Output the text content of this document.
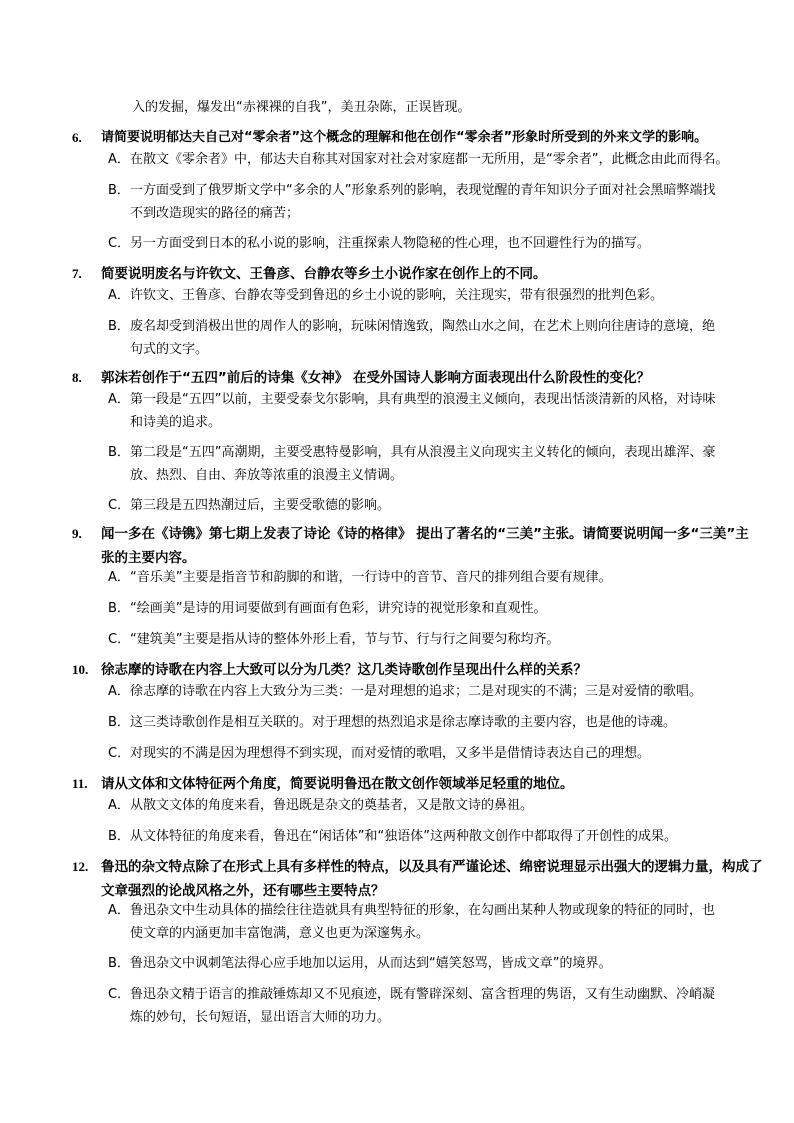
入的发掘，爆发出“赤裸裸的自我”，美丑杂陈，正误皆现。
6. 请简要说明郁达夫自己对“零余者”这个概念的理解和他在创作“零余者”形象时所受到的外来文学的影响。
A．在散文《零余者》中，郁达夫自称其对国家对社会对家庭都一无所用，是“零余者”，此概念由此而得名。
B．一方面受到了俄罗斯文学中“多余的人”形象系列的影响，表现觉醒的青年知识分子面对社会黑暗弊端找
不到改造现实的路径的痛苦；
C．另一方面受到日本的私小说的影响，注重探索人物隐秘的性心理，也不回避性行为的描写。
7. 简要说明废名与许钦文、王鲁彦、台静农等乡土小说作家在创作上的不同。
A．许钦文、王鲁彦、台静农等受到鲁迅的乡土小说的影响，关注现实，带有很强烈的批判色彩。
B．废名却受到消极出世的周作人的影响，玩味闲情逸致，陶然山水之间，在艺术上则向往唐诗的意境，绝
句式的文字。
8. 郭沫若创作于“五四”前后的诗集《女神》 在受外国诗人影响方面表现出什么阶段性的变化？
A．第一段是“五四”以前，主要受泰戈尔影响，具有典型的浪漫主义倾向，表现出恬淡清新的风格，对诗味
和诗美的追求。
B．第二段是“五四”高潮期，主要受惠特曼影响，具有从浪漫主义向现实主义转化的倾向，表现出雄浑、豪
放、热烈、自由、奔放等浓重的浪漫主义情调。
C．第三段是五四热潮过后，主要受歌德的影响。
9. 闻一多在《诗镌》第七期上发表了诗论《诗的格律》 提出了著名的“三美”主张。请简要说明闻一多“三美”主张的主要内容。
A．“音乐美”主要是指音节和韵脚的和谐，一行诗中的音节、音尺的排列组合要有规律。
B．“绘画美”是诗的用词要做到有画面有色彩，讲究诗的视觉形象和直观性。
C．“建筑美”主要是指从诗的整体外形上看，节与节、行与行之间要匀称均齐。
10. 徐志摩的诗歌在内容上大致可以分为几类？这几类诗歌创作呈现出什么样的关系？
A．徐志摩的诗歌在内容上大致分为三类：一是对理想的追求；二是对现实的不满；三是对爱情的歌唱。
B．这三类诗歌创作是相互关联的。对于理想的热烈追求是徐志摩诗歌的主要内容，也是他的诗魂。
C．对现实的不满是因为理想得不到实现，而对爱情的歌唱，又多半是借情诗表达自己的理想。
11. 请从文体和文体特征两个角度，简要说明鲁迅在散文创作领域举足轻重的地位。
A．从散文文体的角度来看，鲁迅既是杂文的奠基者，又是散文诗的鼻祖。
B．从文体特征的角度来看，鲁迅在“闲话体”和“独语体”这两种散文创作中都取得了开创性的成果。
12. 鲁迅的杂文特点除了在形式上具有多样性的特点，以及具有严谨论述、绵密说理显示出强大的逻辑力量，构成了文章强烈的论战风格之外，还有哪些主要特点？
A．鲁迅杂文中生动具体的描绘往往造就具有典型特征的形象，在勾画出某种人物或现象的特征的同时，也
使文章的内涵更加丰富饱满，意义也更为深邃隽永。
B．鲁迅杂文中讽刺笔法得心应手地加以运用，从而达到“嬉笑怒骂，皆成文章”的境界。
C．鲁迅杂文精于语言的推敲锤炼却又不见痕迹，既有警辟深刻、富含哲理的隽语，又有生动幽默、冷峭凝
炼的妙句，长句短语，显出语言大师的功力。
